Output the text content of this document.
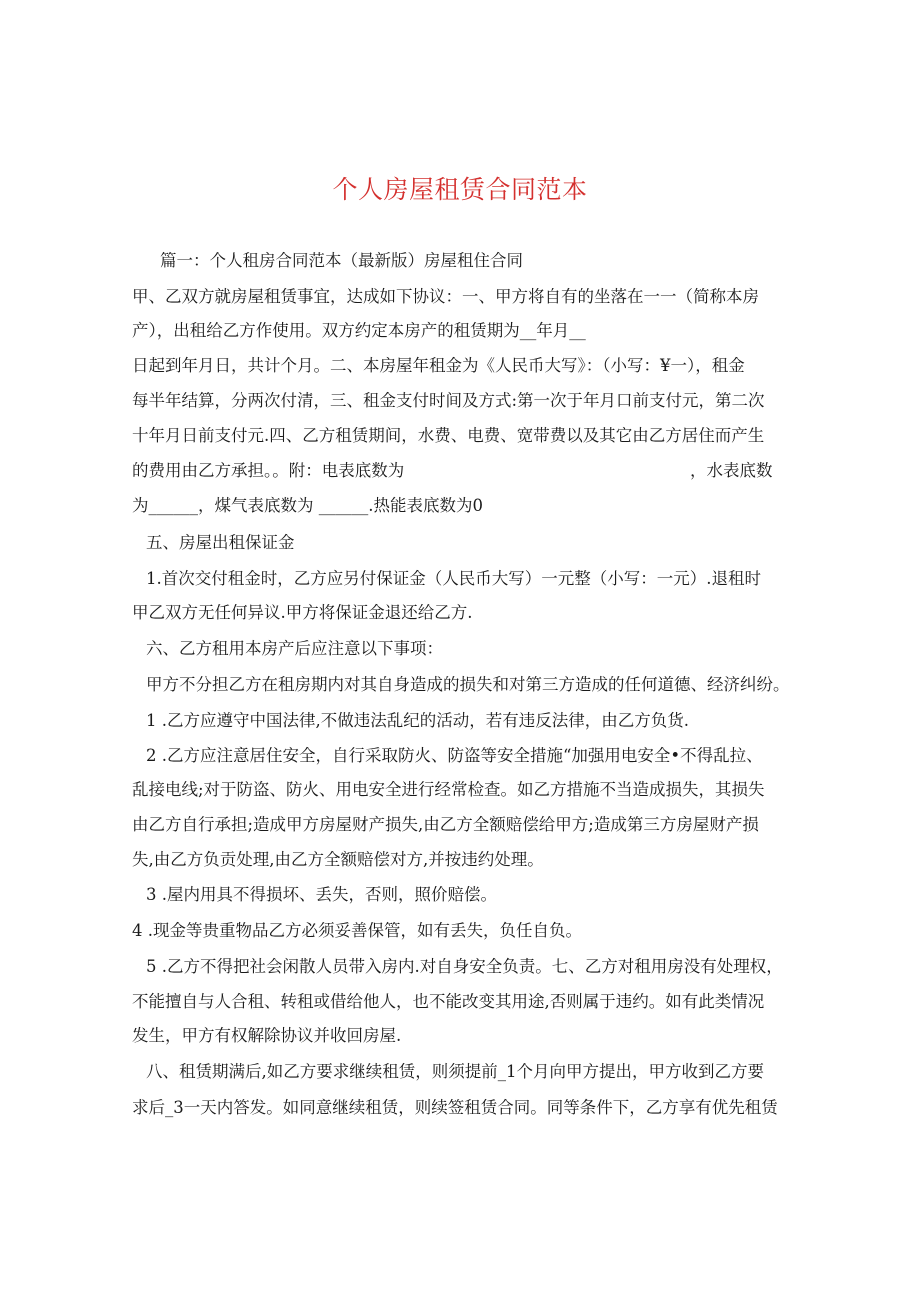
个人房屋租赁合同范本
篇一：个人租房合同范本（最新版）房屋租住合同
甲、乙双方就房屋租赁事宜，达成如下协议：一、甲方将自有的坐落在一一（简称本房
产），出租给乙方作使用。双方约定本房产的租赁期为__年月__
日起到年月日，共计个月。二、本房屋年租金为《人民币大写》：（小写：¥一），租金
每半年结算，分两次付清，三、租金支付时间及方式:第一次于年月口前支付元，第二次
十年月日前支付元.四、乙方租赁期间，水费、电费、宽带费以及其它由乙方居住而产生
的费用由乙方承担。。附：电表底数为	，水表底数
为______，煤气表底数为 ______.热能表底数为0
五、房屋出租保证金
1.首次交付租金时，乙方应另付保证金（人民币大写）一元整（小写：一元）.退租时
甲乙双方无任何异议.甲方将保证金退还给乙方.
六、乙方租用本房产后应注意以下事项：
甲方不分担乙方在租房期内对其自身造成的损失和对第三方造成的任何道德、经济纠纷。
1 .乙方应遵守中国法律,不做违法乱纪的活动，若有违反法律，由乙方负货.
2 .乙方应注意居住安全，自行采取防火、防盗等安全措施“加强用电安全•不得乱拉、
乱接电线;对于防盗、防火、用电安全进行经常检查。如乙方措施不当造成损失，其损失
由乙方自行承担;造成甲方房屋财产损失,由乙方全额赔偿给甲方;造成第三方房屋财产损
失,由乙方负贡处理,由乙方全额赔偿对方,并按违约处理。
3 .屋内用具不得损坏、丢失，否则，照价赔偿。
4 .现金等贵重物品乙方必须妥善保管，如有丢失，负任自负。
5 .乙方不得把社会闲散人员带入房内.对自身安全负责。七、乙方对租用房没有处理权，
不能擅自与人合租、转租或借给他人，也不能改变其用途,否则属于违约。如有此类情况
发生，甲方有权解除协议并收回房屋.
八、租赁期满后,如乙方要求继续租赁，则须提前_1个月向甲方提出，甲方收到乙方要
求后_3一天内答发。如同意继续租赁，则续签租赁合同。同等条件下，乙方享有优先租赁
